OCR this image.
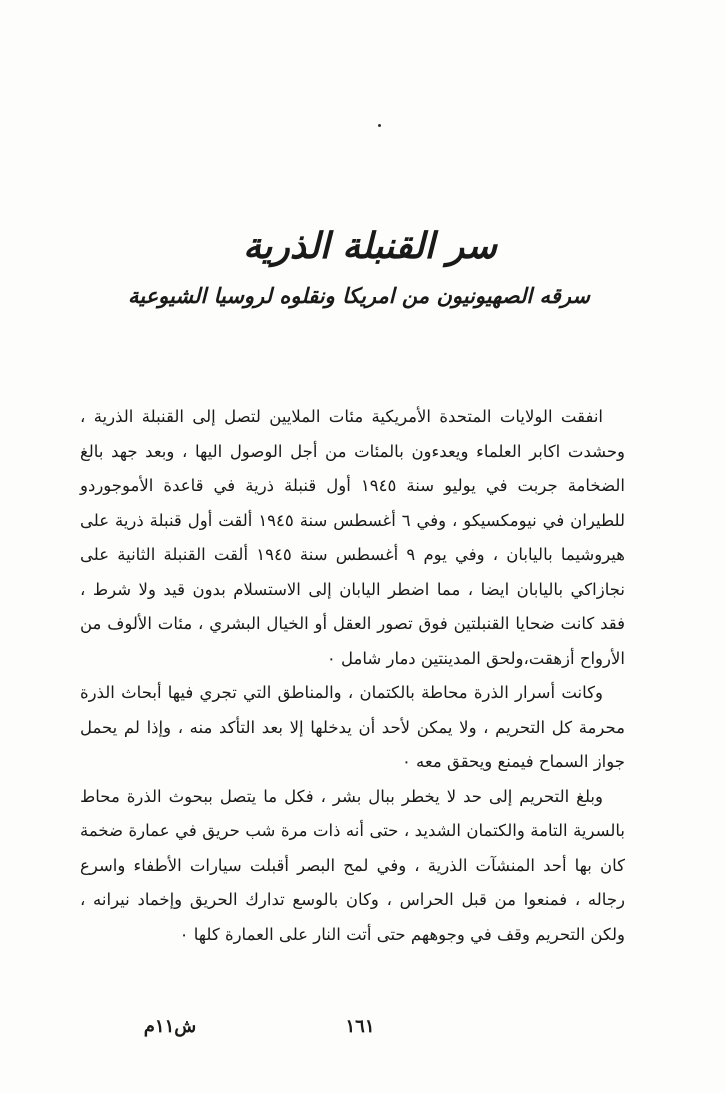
سر القنبلة الذرية
سرقه الصهيونيون من امريكا ونقلوه لروسيا الشيوعية

انفقت الولايات المتحدة الأمريكية مئات الملايين لتصل إلى القنبلة الذرية ، وحشدت اكابر العلماء ويعدءون بالمئات من أجل الوصول اليها ، وبعد جهد بالغ الضخامة جربت في يوليو سنة ١٩٤٥ أول قنبلة ذرية في قاعدة الأموجوردو للطيران في نيومكسيكو ، وفي ٦ أغسطس سنة ١٩٤٥ ألقت أول قنبلة ذرية على هيروشيما باليابان ، وفي يوم ٩ أغسطس سنة ١٩٤٥ ألقت القنبلة الثانية على نجازاكي باليابان ايضا ، مما اضطر اليابان إلى الاستسلام بدون قيد ولا شرط ، فقد كانت ضحايا القنبلتين فوق تصور العقل أو الخيال البشري ، مئات الألوف من الأرواح أزهقت،ولحق المدينتين دمار شامل ٠

وكانت أسرار الذرة محاطة بالكتمان ، والمناطق التي تجري فيها أبحاث الذرة محرمة كل التحريم ، ولا يمكن لأحد أن يدخلها إلا بعد التأكد منه ، وإذا لم يحمل جواز السماح فيمنع ويحقق معه ٠

وبلغ التحريم إلى حد لا يخطر ببال بشر ، فكل ما يتصل ببحوث الذرة محاط بالسرية التامة والكتمان الشديد ، حتى أنه ذات مرة شب حريق في عمارة ضخمة كان بها أحد المنشآت الذرية ، وفي لمح البصر أقبلت سيارات الأطفاء واسرع رجاله ، فمنعوا من قبل الحراس ، وكان بالوسع تدارك الحريق وإخماد نيرانه ، ولكن التحريم وقف في وجوههم حتى أتت النار على العمارة كلها ٠

١٦١
ش١١م
